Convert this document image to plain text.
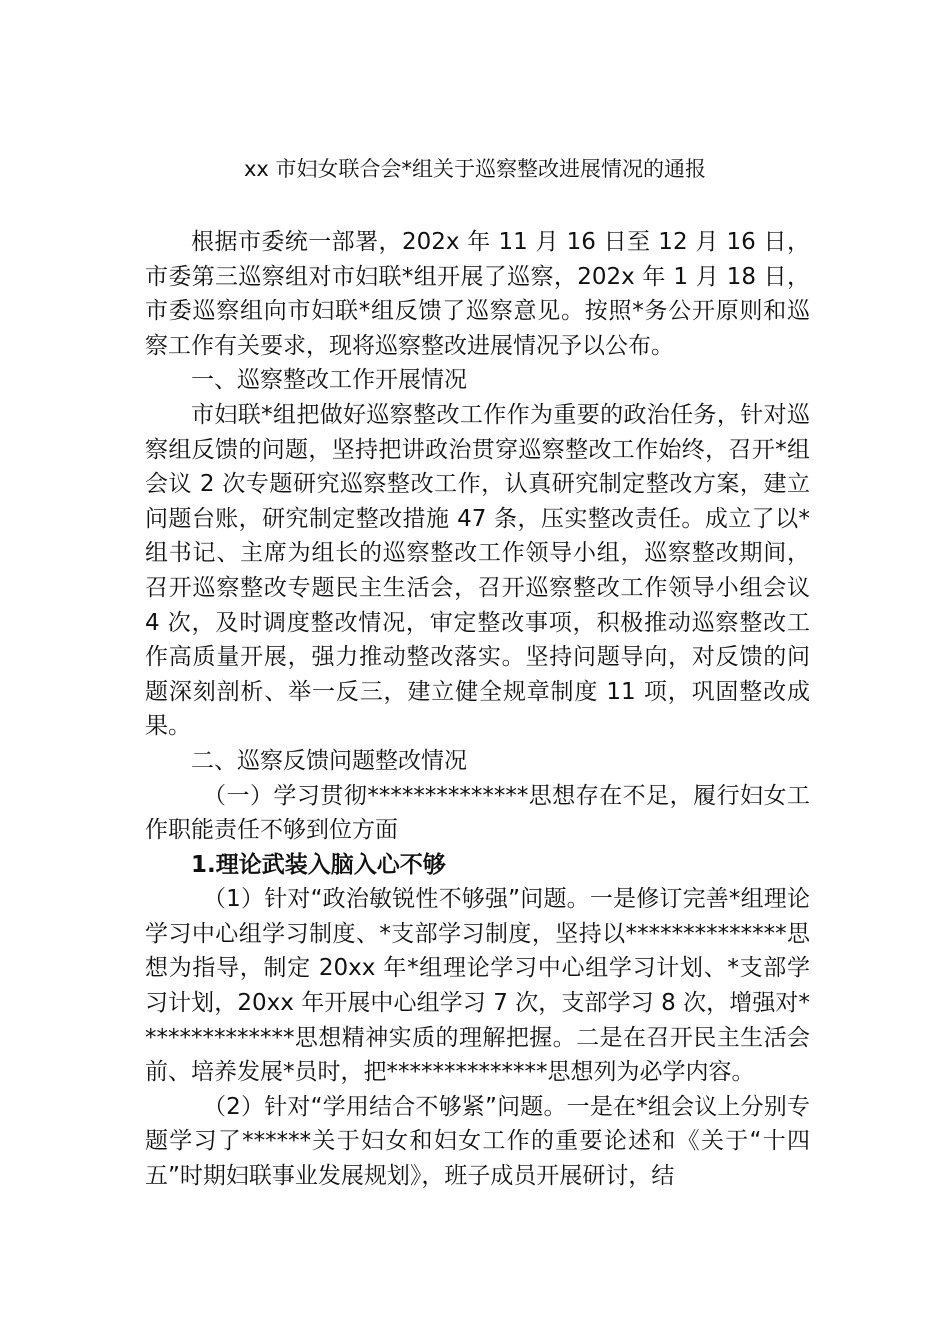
xx 市妇女联合会*组关于巡察整改进展情况的通报

根据市委统一部署，202x 年 11 月 16 日至 12 月 16 日，市委第三巡察组对市妇联*组开展了巡察，202x 年 1 月 18 日，市委巡察组向市妇联*组反馈了巡察意见。按照*务公开原则和巡察工作有关要求，现将巡察整改进展情况予以公布。

一、巡察整改工作开展情况

市妇联*组把做好巡察整改工作作为重要的政治任务，针对巡察组反馈的问题，坚持把讲政治贯穿巡察整改工作始终，召开*组会议 2 次专题研究巡察整改工作，认真研究制定整改方案，建立问题台账，研究制定整改措施 47 条，压实整改责任。成立了以*组书记、主席为组长的巡察整改工作领导小组，巡察整改期间，召开巡察整改专题民主生活会，召开巡察整改工作领导小组会议 4 次，及时调度整改情况，审定整改事项，积极推动巡察整改工作高质量开展，强力推动整改落实。坚持问题导向，对反馈的问题深刻剖析、举一反三，建立健全规章制度 11 项，巩固整改成果。

二、巡察反馈问题整改情况

（一）学习贯彻**************思想存在不足，履行妇女工作职能责任不够到位方面

1.理论武装入脑入心不够

（1）针对“政治敏锐性不够强”问题。一是修订完善*组理论学习中心组学习制度、*支部学习制度，坚持以**************思想为指导，制定 20xx 年*组理论学习中心组学习计划、*支部学习计划，20xx 年开展中心组学习 7 次，支部学习 8 次，增强对**************思想精神实质的理解把握。二是在召开民主生活会前、培养发展*员时，把**************思想列为必学内容。

（2）针对“学用结合不够紧”问题。一是在*组会议上分别专题学习了******关于妇女和妇女工作的重要论述和《关于“十四五”时期妇联事业发展规划》，班子成员开展研讨，结
